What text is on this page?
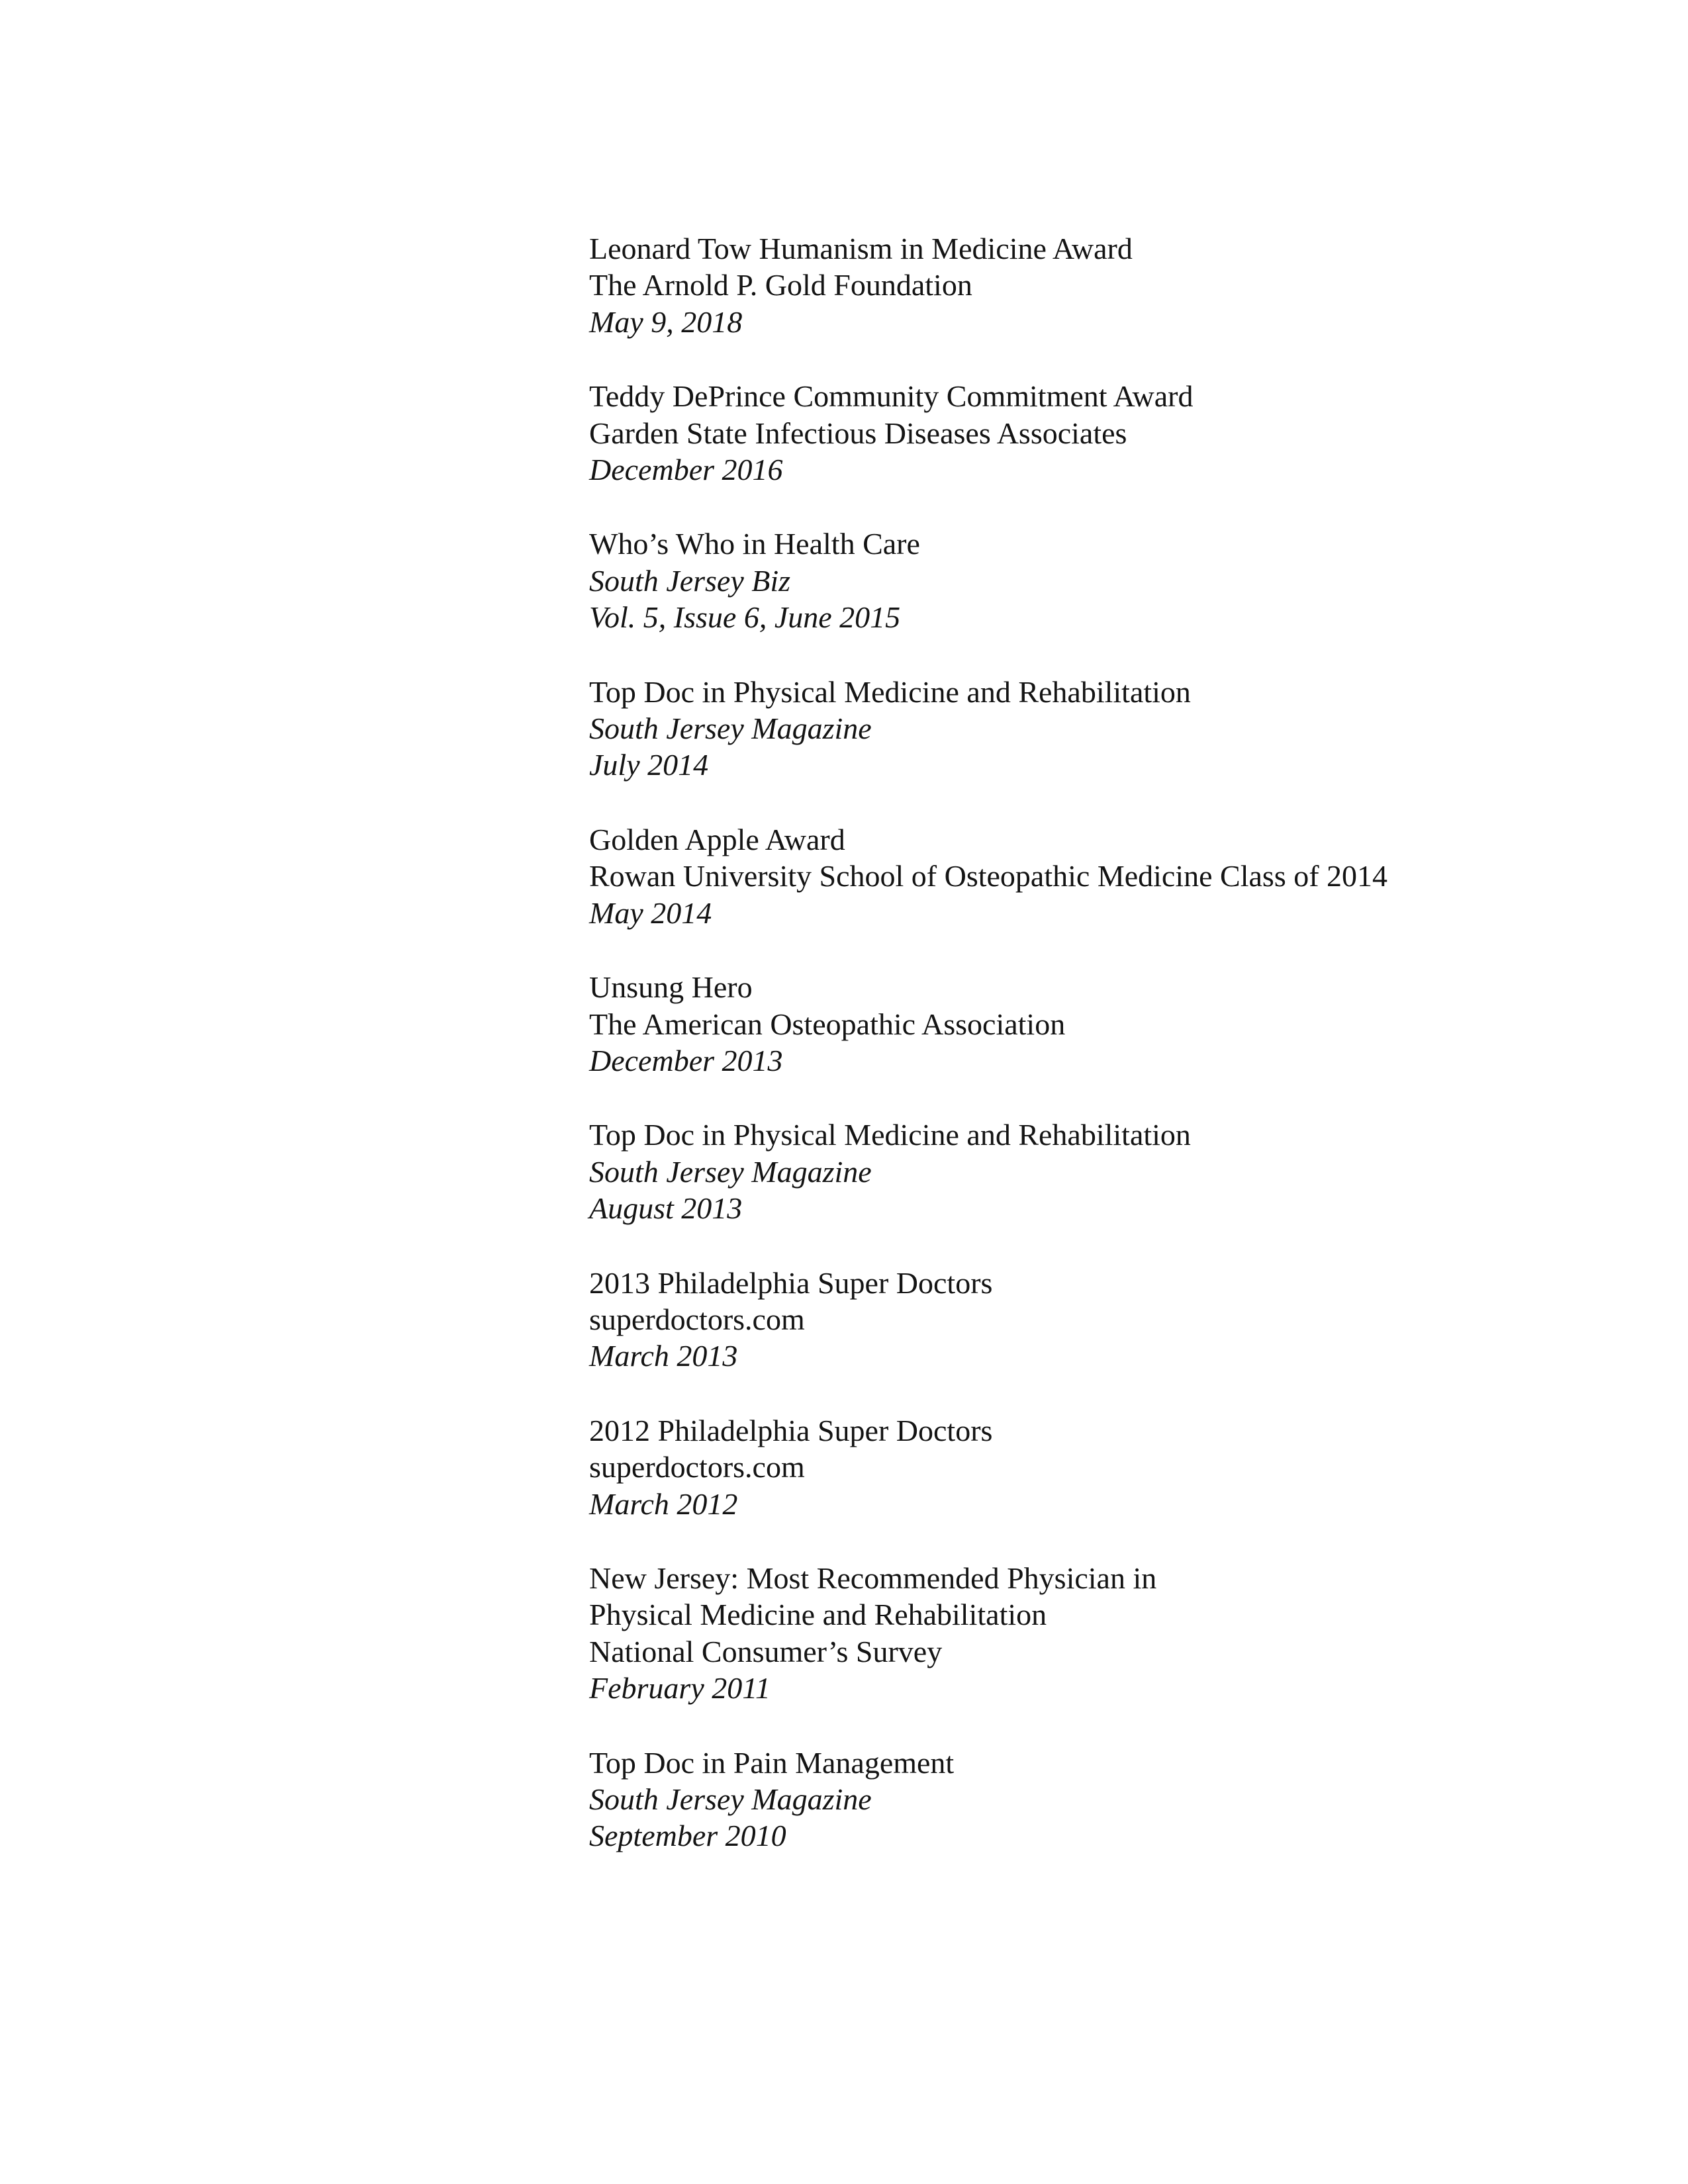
Leonard Tow Humanism in Medicine Award
The Arnold P. Gold Foundation
May 9, 2018
Teddy DePrince Community Commitment Award
Garden State Infectious Diseases Associates
December 2016
Who’s Who in Health Care
South Jersey Biz
Vol. 5, Issue 6, June 2015
Top Doc in Physical Medicine and Rehabilitation
South Jersey Magazine
July 2014
Golden Apple Award
Rowan University School of Osteopathic Medicine Class of 2014
May 2014
Unsung Hero
The American Osteopathic Association
December 2013
Top Doc in Physical Medicine and Rehabilitation
South Jersey Magazine
August 2013
2013 Philadelphia Super Doctors
superdoctors.com
March 2013
2012 Philadelphia Super Doctors
superdoctors.com
March 2012
New Jersey: Most Recommended Physician in
Physical Medicine and Rehabilitation
National Consumer’s Survey
February 2011
Top Doc in Pain Management
South Jersey Magazine
September 2010
